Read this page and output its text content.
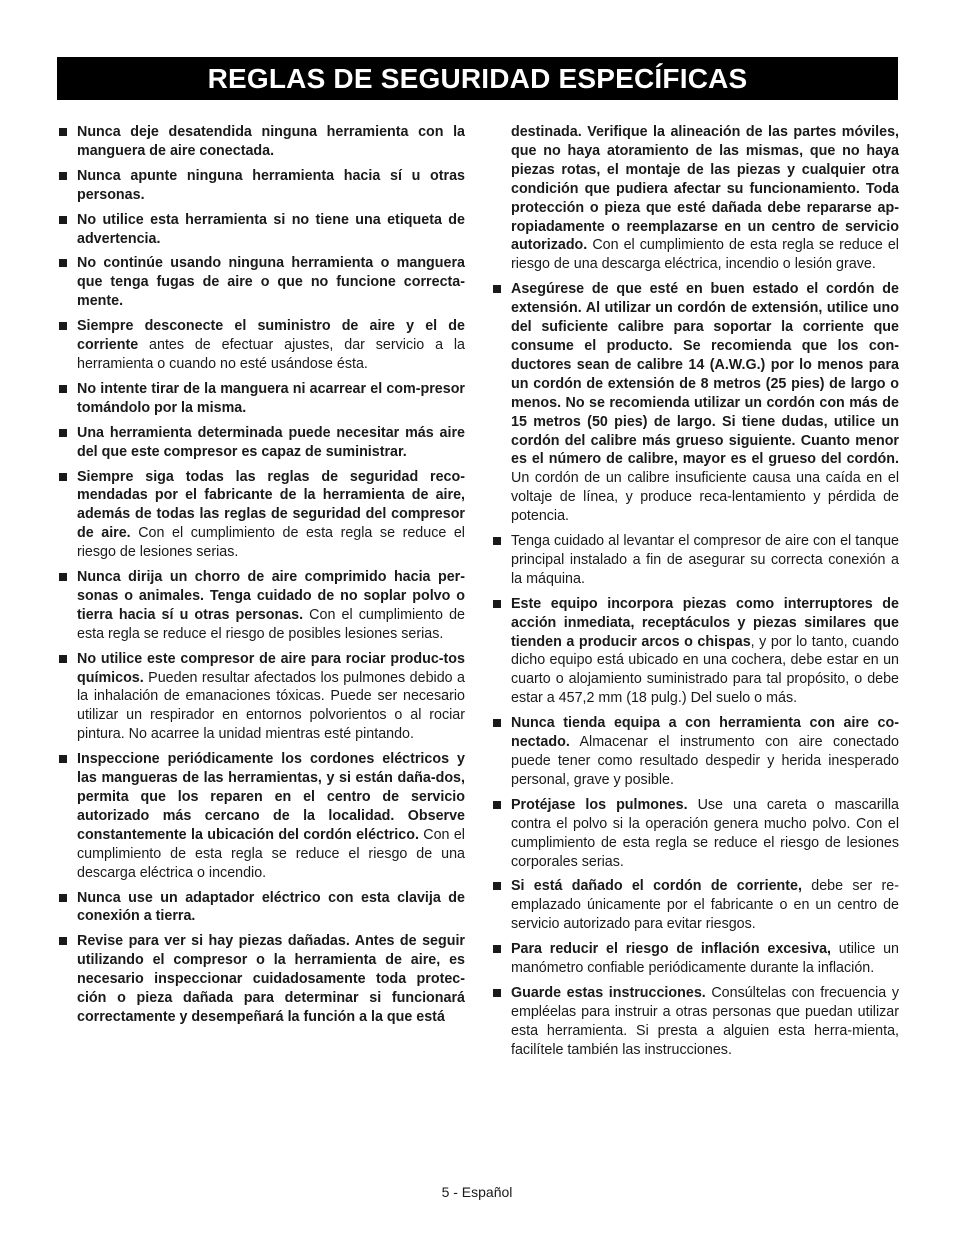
REGLAS DE SEGURIDAD ESPECÍFICAS

Nunca deje desatendida ninguna herramienta con la manguera de aire conectada.

Nunca apunte ninguna herramienta hacia sí u otras personas.

No utilice esta herramienta si no tiene una etiqueta de advertencia.

No continúe usando ninguna herramienta o manguera que tenga fugas de aire o que no funcione correcta-mente.

Siempre desconecte el suministro de aire y el de corriente antes de efectuar ajustes, dar servicio a la herramienta o cuando no esté usándose ésta.

No intente tirar de la manguera ni acarrear el com-presor tomándolo por la misma.

Una herramienta determinada puede necesitar más aire del que este compresor es capaz de suministrar.

Siempre siga todas las reglas de seguridad reco-mendadas por el fabricante de la herramienta de aire, además de todas las reglas de seguridad del compresor de aire. Con el cumplimiento de esta regla se reduce el riesgo de lesiones serias.

Nunca dirija un chorro de aire comprimido hacia per-sonas o animales. Tenga cuidado de no soplar polvo o tierra hacia sí u otras personas. Con el cumplimiento de esta regla se reduce el riesgo de posibles lesiones serias.

No utilice este compresor de aire para rociar produc-tos químicos. Pueden resultar afectados los pulmones debido a la inhalación de emanaciones tóxicas. Puede ser necesario utilizar un respirador en entornos polvorientos o al rociar pintura. No acarree la unidad mientras esté pintando.

Inspeccione periódicamente los cordones eléctricos y las mangueras de las herramientas, y si están daña-dos, permita que los reparen en el centro de servicio autorizado más cercano de la localidad. Observe constantemente la ubicación del cordón eléctrico. Con el cumplimiento de esta regla se reduce el riesgo de una descarga eléctrica o incendio.

Nunca use un adaptador eléctrico con esta clavija de conexión a tierra.

Revise para ver si hay piezas dañadas. Antes de seguir utilizando el compresor o la herramienta de aire, es necesario inspeccionar cuidadosamente toda protec-ción o pieza dañada para determinar si funcionará correctamente y desempeñará la función a la que está

destinada. Verifique la alineación de las partes móviles, que no haya atoramiento de las mismas, que no haya piezas rotas, el montaje de las piezas y cualquier otra condición que pudiera afectar su funcionamiento. Toda protección o pieza que esté dañada debe repararse ap-ropiadamente o reemplazarse en un centro de servicio autorizado. Con el cumplimiento de esta regla se reduce el riesgo de una descarga eléctrica, incendio o lesión grave.

Asegúrese de que esté en buen estado el cordón de extensión. Al utilizar un cordón de extensión, utilice uno del suficiente calibre para soportar la corriente que consume el producto. Se recomienda que los con-ductores sean de calibre 14 (A.W.G.) por lo menos para un cordón de extensión de 8 metros (25 pies) de largo o menos. No se recomienda utilizar un cordón con más de 15 metros (50 pies) de largo. Si tiene dudas, utilice un cordón del calibre más grueso siguiente. Cuanto menor es el número de calibre, mayor es el grueso del cordón. Un cordón de un calibre insuficiente causa una caída en el voltaje de línea, y produce reca-lentamiento y pérdida de potencia.

Tenga cuidado al levantar el compresor de aire con el tanque principal instalado a fin de asegurar su correcta conexión a la máquina.

Este equipo incorpora piezas como interruptores de acción inmediata, receptáculos y piezas similares que tienden a producir arcos o chispas, y por lo tanto, cuando dicho equipo está ubicado en una cochera, debe estar en un cuarto o alojamiento suministrado para tal propósito, o debe estar a 457,2 mm (18 pulg.) Del suelo o más.

Nunca tienda equipa a con herramienta con aire co-nectado. Almacenar el instrumento con aire conectado puede tener como resultado despedir y herida inesperado personal, grave y posible.

Protéjase los pulmones. Use una careta o mascarilla contra el polvo si la operación genera mucho polvo. Con el cumplimiento de esta regla se reduce el riesgo de lesiones corporales serias.

Si está dañado el cordón de corriente, debe ser re-emplazado únicamente por el fabricante o en un centro de servicio autorizado para evitar riesgos.

Para reducir el riesgo de inflación excesiva, utilice un manómetro confiable periódicamente durante la inflación.

Guarde estas instrucciones. Consúltelas con frecuencia y empléelas para instruir a otras personas que puedan utilizar esta herramienta. Si presta a alguien esta herra-mienta, facilítele también las instrucciones.

5 - Español
